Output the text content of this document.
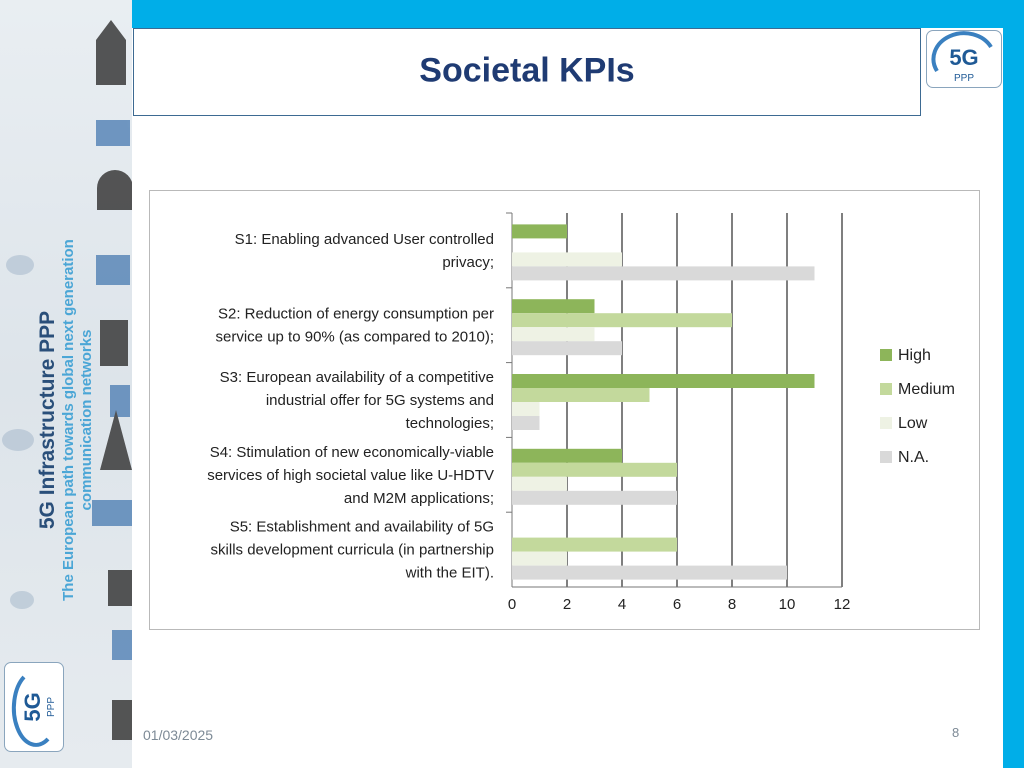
5G Infrastructure PPP The European path towards global next generation communication networks
Societal KPIs	5G
PPP
5G PPP
0	2	4	6	8	10	12
S1: Enabling advanced User controlled
privacy;
S2: Reduction of energy consumption per
service up to 90% (as compared to 2010);
S3: European availability of a competitive
industrial offer for 5G systems and
technologies;
S4: Stimulation of new economically-viable
services of high societal value like U-HDTV
and M2M applications;
S5: Establishment and availability of 5G
skills development curricula (in partnership
with the EIT).
High
Medium
Low
N.A.
01/03/2025	8
